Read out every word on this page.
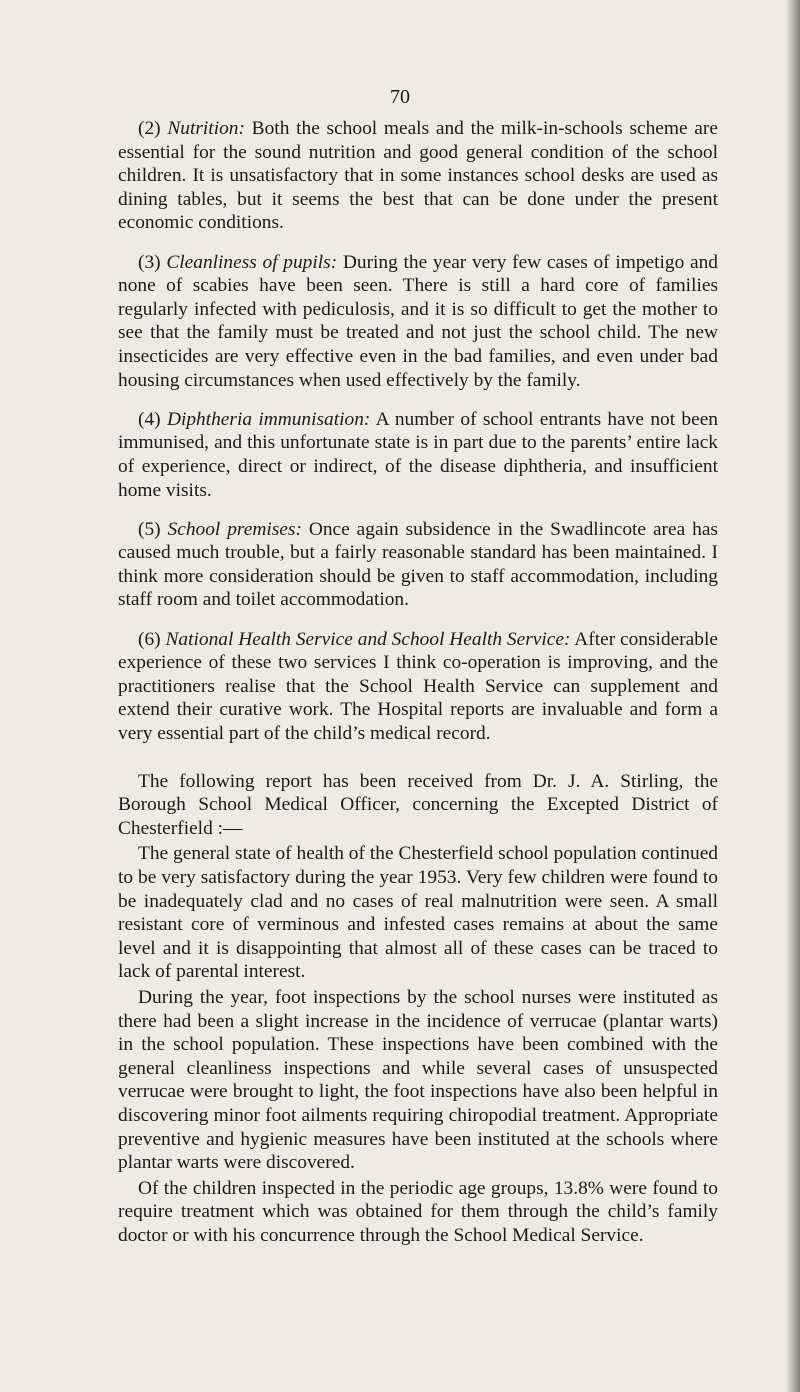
70

(2) Nutrition: Both the school meals and the milk-in-schools scheme are essential for the sound nutrition and good general condition of the school children. It is unsatisfactory that in some instances school desks are used as dining tables, but it seems the best that can be done under the present economic conditions.

(3) Cleanliness of pupils: During the year very few cases of impetigo and none of scabies have been seen. There is still a hard core of families regularly infected with pediculosis, and it is so difficult to get the mother to see that the family must be treated and not just the school child. The new insecticides are very effective even in the bad families, and even under bad housing circumstances when used effectively by the family.

(4) Diphtheria immunisation: A number of school entrants have not been immunised, and this unfortunate state is in part due to the parents’ entire lack of experience, direct or indirect, of the disease diphtheria, and insufficient home visits.

(5) School premises: Once again subsidence in the Swadlincote area has caused much trouble, but a fairly reasonable standard has been maintained. I think more consideration should be given to staff accommodation, including staff room and toilet accommodation.

(6) National Health Service and School Health Service: After considerable experience of these two services I think co-operation is improving, and the practitioners realise that the School Health Service can supplement and extend their curative work. The Hospital reports are invaluable and form a very essential part of the child’s medical record.

The following report has been received from Dr. J. A. Stirling, the Borough School Medical Officer, concerning the Excepted District of Chesterfield :—

The general state of health of the Chesterfield school population continued to be very satisfactory during the year 1953. Very few children were found to be inadequately clad and no cases of real malnutrition were seen. A small resistant core of verminous and infested cases remains at about the same level and it is disappointing that almost all of these cases can be traced to lack of parental interest.

During the year, foot inspections by the school nurses were instituted as there had been a slight increase in the incidence of verrucae (plantar warts) in the school population. These inspections have been combined with the general cleanliness inspections and while several cases of unsuspected verrucae were brought to light, the foot inspections have also been helpful in discovering minor foot ailments requiring chiropodial treatment. Appropriate preventive and hygienic measures have been instituted at the schools where plantar warts were discovered.

Of the children inspected in the periodic age groups, 13.8% were found to require treatment which was obtained for them through the child’s family doctor or with his concurrence through the School Medical Service.
